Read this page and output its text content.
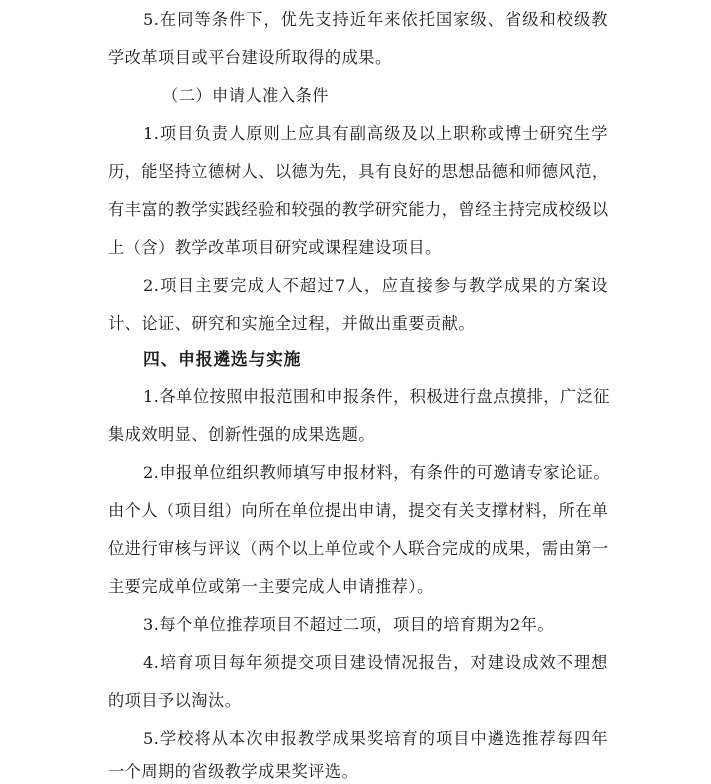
5.在同等条件下，优先支持近年来依托国家级、省级和校级教
学改革项目或平台建设所取得的成果。
（二）申请人准入条件
1.项目负责人原则上应具有副高级及以上职称或博士研究生学
历，能坚持立德树人、以德为先，具有良好的思想品德和师德风范，
有丰富的教学实践经验和较强的教学研究能力，曾经主持完成校级以
上（含）教学改革项目研究或课程建设项目。
2.项目主要完成人不超过7人，应直接参与教学成果的方案设
计、论证、研究和实施全过程，并做出重要贡献。
四、申报遴选与实施
1.各单位按照申报范围和申报条件，积极进行盘点摸排，广泛征
集成效明显、创新性强的成果选题。
2.申报单位组织教师填写申报材料，有条件的可邀请专家论证。
由个人（项目组）向所在单位提出申请，提交有关支撑材料，所在单
位进行审核与评议（两个以上单位或个人联合完成的成果，需由第一
主要完成单位或第一主要完成人申请推荐）。
3.每个单位推荐项目不超过二项，项目的培育期为2年。
4.培育项目每年须提交项目建设情况报告，对建设成效不理想
的项目予以淘汰。
5.学校将从本次申报教学成果奖培育的项目中遴选推荐每四年
一个周期的省级教学成果奖评选。
